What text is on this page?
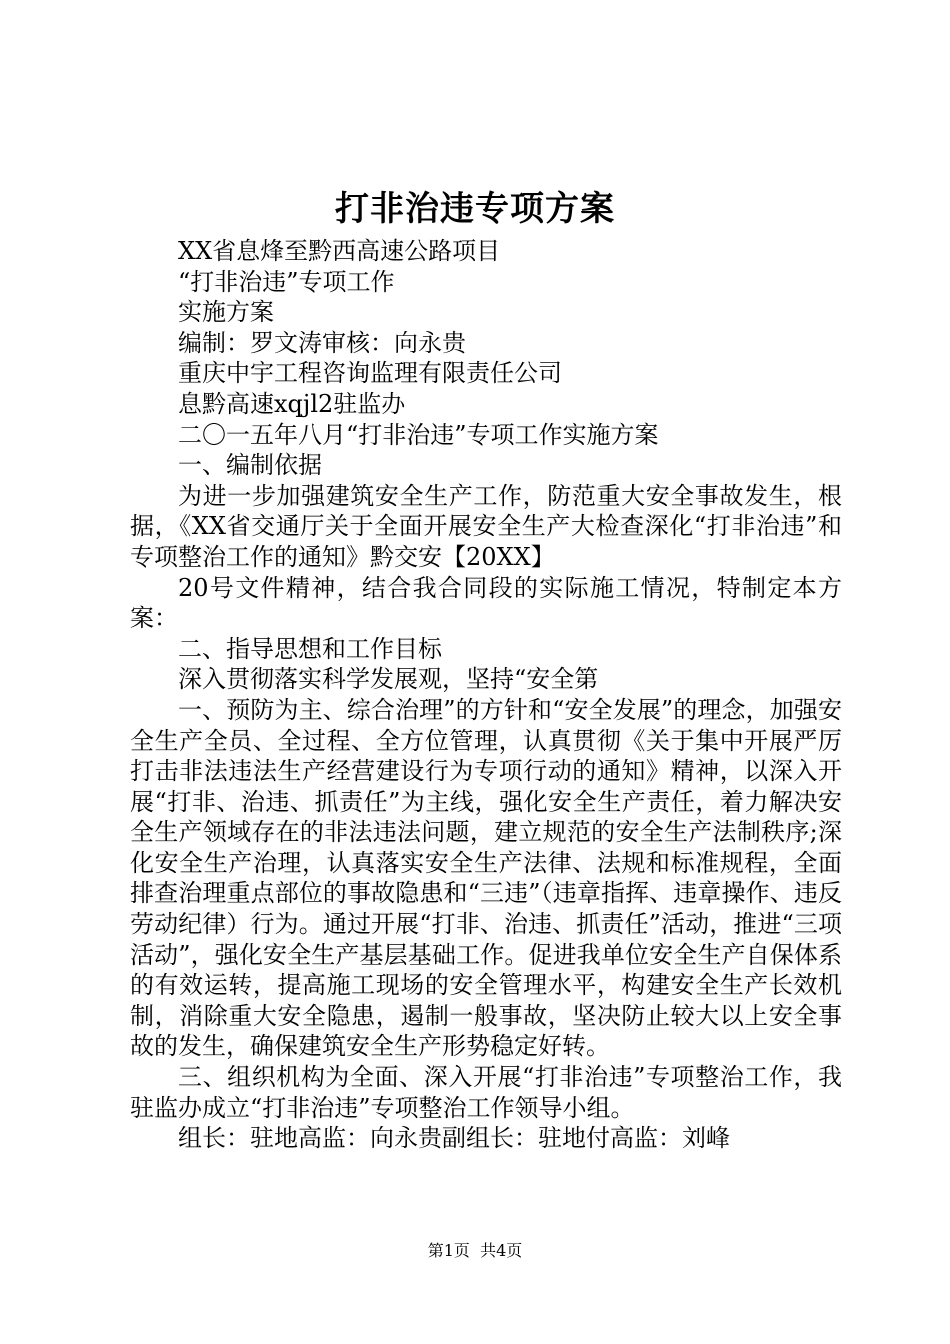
打非治违专项方案

XX省息烽至黔西高速公路项目

“打非治违”专项工作

实施方案

编制：罗文涛审核：向永贵

重庆中宇工程咨询监理有限责任公司

息黔高速xqjl2驻监办

二〇一五年八月“打非治违”专项工作实施方案

一、编制依据

为进一步加强建筑安全生产工作，防范重大安全事故发生，根据，《XX省交通厅关于全面开展安全生产大检查深化“打非治违”和专项整治工作的通知》黔交安【20XX】

20号文件精神，结合我合同段的实际施工情况，特制定本方案：

二、指导思想和工作目标

深入贯彻落实科学发展观，坚持“安全第

一、预防为主、综合治理”的方针和“安全发展”的理念，加强安全生产全员、全过程、全方位管理，认真贯彻《关于集中开展严厉打击非法违法生产经营建设行为专项行动的通知》精神，以深入开展“打非、治违、抓责任”为主线，强化安全生产责任，着力解决安全生产领域存在的非法违法问题，建立规范的安全生产法制秩序;深化安全生产治理，认真落实安全生产法律、法规和标准规程，全面排查治理重点部位的事故隐患和“三违”（违章指挥、违章操作、违反劳动纪律）行为。通过开展“打非、治违、抓责任”活动，推进“三项活动”，强化安全生产基层基础工作。促进我单位安全生产自保体系的有效运转，提高施工现场的安全管理水平，构建安全生产长效机制，消除重大安全隐患，遏制一般事故，坚决防止较大以上安全事故的发生，确保建筑安全生产形势稳定好转。

三、组织机构为全面、深入开展“打非治违”专项整治工作，我驻监办成立“打非治违”专项整治工作领导小组。

组长：驻地高监：向永贵副组长：驻地付高监：刘峰

第1页  共4页
